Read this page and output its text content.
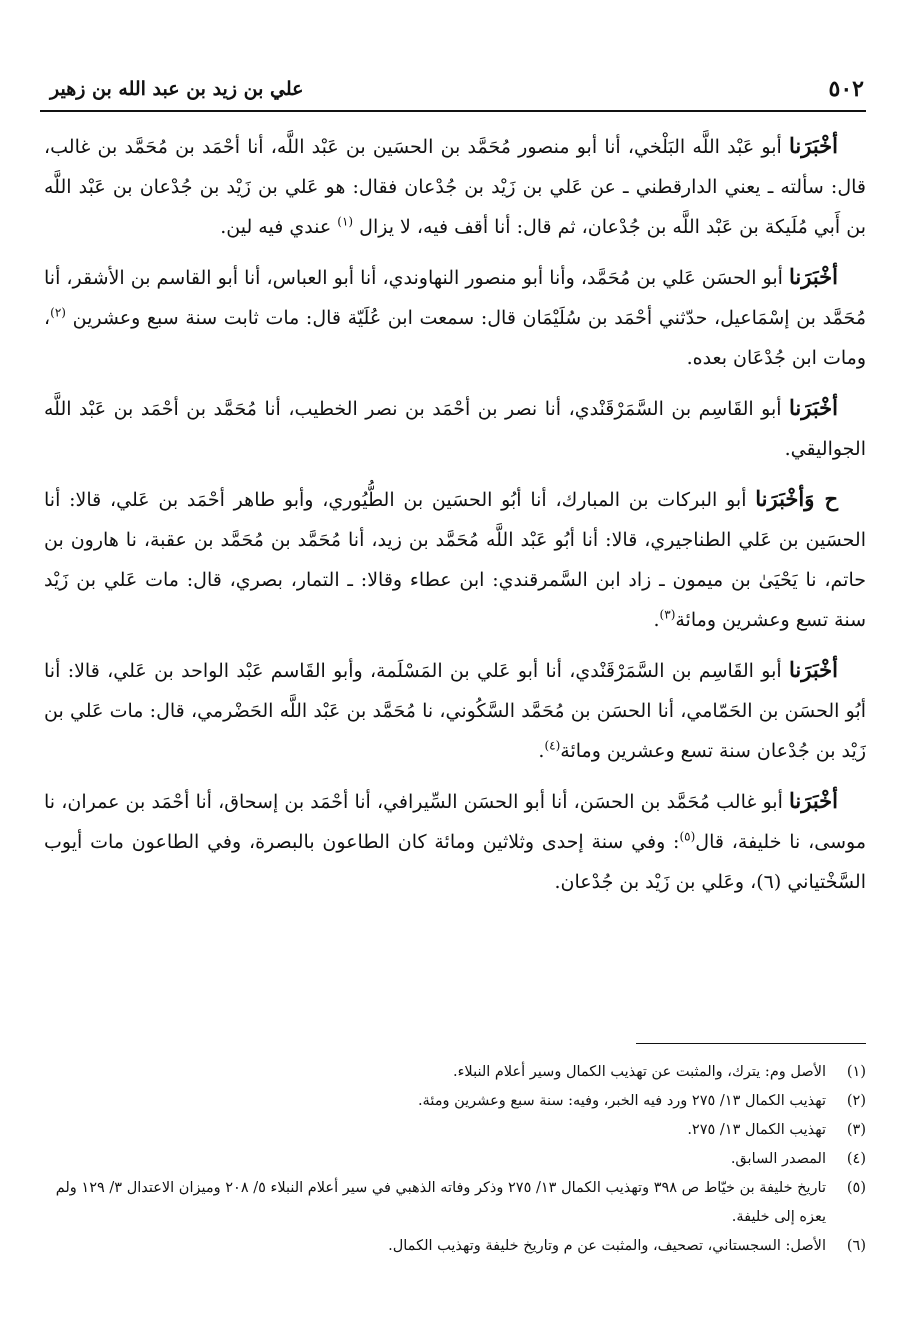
٥٠٢
علي بن زيد بن عبد الله بن زهير

أخْبَرَنا أبو عَبْد اللَّه البَلْخي، أنا أبو منصور مُحَمَّد بن الحسَين بن عَبْد اللَّه، أنا أحْمَد بن مُحَمَّد بن غالب، قال: سألته ـ يعني الدارقطني ـ عن عَلي بن زَيْد بن جُدْعان فقال: هو عَلي بن زَيْد بن جُدْعان بن عَبْد اللَّه بن أَبي مُلَيكة بن عَبْد اللَّه بن جُدْعان، ثم قال: أنا أقف فيه، لا يزال $^{(١)}$ عندي فيه لين.

أخْبَرَنا أبو الحسَن عَلي بن مُحَمَّد، وأنا أبو منصور النهاوندي، أنا أبو العباس، أنا أبو القاسم بن الأشقر، أنا مُحَمَّد بن إسْمَاعيل، حدّثني أحْمَد بن سُلَيْمَان قال: سمعت ابن عُلَيّة قال: مات ثابت سنة سبع وعشرين $^{(٢)}$، ومات ابن جُدْعَان بعده.

أخْبَرَنا أبو القَاسِم بن السَّمَرْقَنْدي، أنا نصر بن أحْمَد بن نصر الخطيب، أنا مُحَمَّد بن أحْمَد بن عَبْد اللَّه الجواليقي.

ح وَأخْبَرَنا أبو البركات بن المبارك، أنا أبُو الحسَين بن الطُّيُوري، وأبو طاهر أحْمَد بن عَلي، قالا: أنا الحسَين بن عَلي الطناجيري، قالا: أنا أبُو عَبْد اللَّه مُحَمَّد بن زيد، أنا مُحَمَّد بن مُحَمَّد بن عقبة، نا هارون بن حاتم، نا يَحْيَىٰ بن ميمون ـ زاد ابن السَّمرقندي: ابن عطاء وقالا: ـ التمار، بصري، قال: مات عَلي بن زَيْد سنة تسع وعشرين ومائة$^{(٣)}$.

أخْبَرَنا أبو القَاسِم بن السَّمَرْقَنْدي، أنا أبو عَلي بن المَسْلَمة، وأبو القَاسم عَبْد الواحد بن عَلي، قالا: أنا أبُو الحسَن بن الحَمّامي، أنا الحسَن بن مُحَمَّد السَّكُوني، نا مُحَمَّد بن عَبْد اللَّه الحَضْرمي، قال: مات عَلي بن زَيْد بن جُدْعان سنة تسع وعشرين ومائة$^{(٤)}$.

أخْبَرَنا أبو غالب مُحَمَّد بن الحسَن، أنا أبو الحسَن السِّيرافي، أنا أحْمَد بن إسحاق، أنا أحْمَد بن عمران، نا موسى، نا خليفة، قال$^{(٥)}$: وفي سنة إحدى وثلاثين ومائة كان الطاعون بالبصرة، وفي الطاعون مات أيوب السَّخْتياني (٦)، وعَلي بن زَيْد بن جُدْعان.

(١)
الأصل وم: يترك، والمثبت عن تهذيب الكمال وسير أعلام النبلاء.
(٢)
تهذيب الكمال ١٣/ ٢٧٥ ورد فيه الخبر، وفيه: سنة سبع وعشرين ومئة.
(٣)
تهذيب الكمال ١٣/ ٢٧٥.
(٤)
المصدر السابق.
(٥)
تاريخ خليفة بن خيّاط ص ٣٩٨ وتهذيب الكمال ١٣/ ٢٧٥ وذكر وفاته الذهبي في سير أعلام النبلاء ٥/ ٢٠٨ وميزان الاعتدال ٣/ ١٢٩ ولم يعزه إلى خليفة.
(٦)
الأصل: السجستاني، تصحيف، والمثبت عن م وتاريخ خليفة وتهذيب الكمال.
